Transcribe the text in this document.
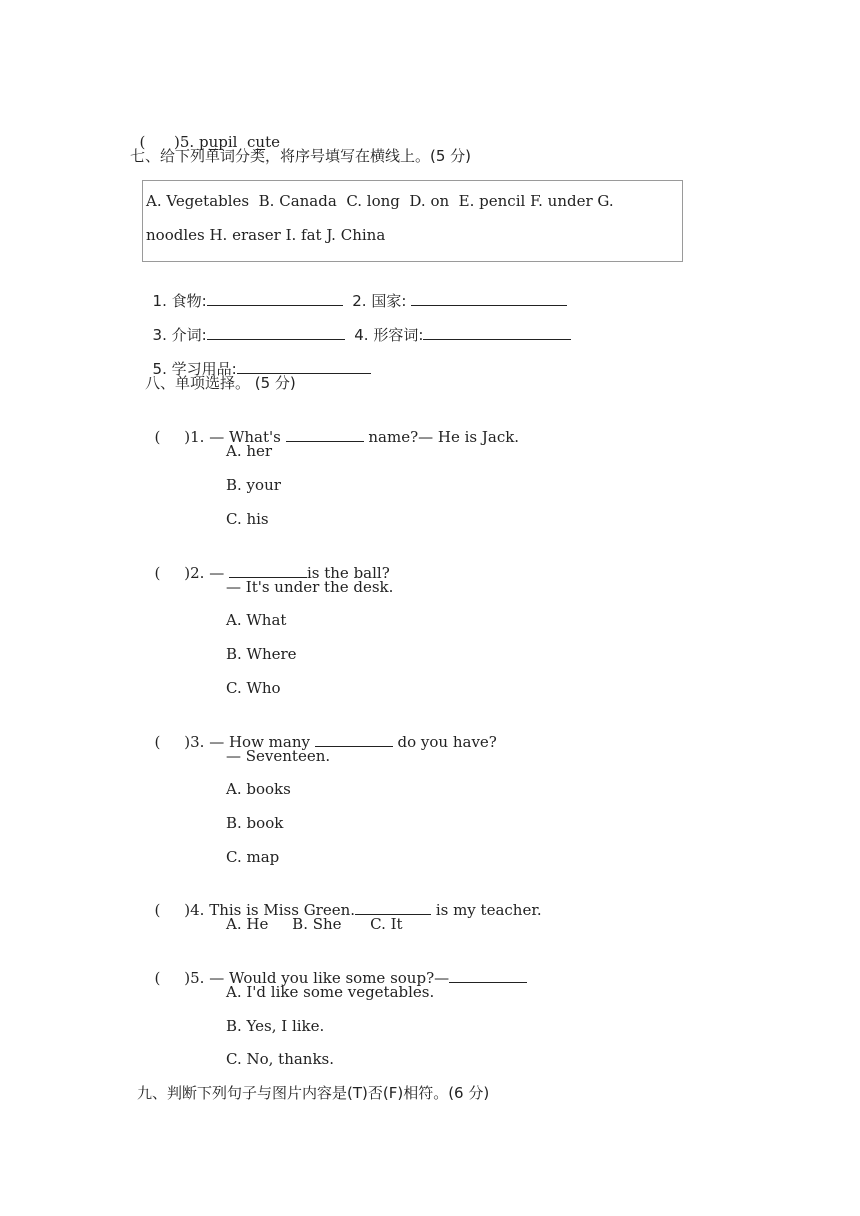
(      )5. pupil cute

七、给下列单词分类，将序号填写在横线上。(5 分)
A. Vegetables  B. Canada  C. long  D. on  E. pencil F. under G.
noodles H. eraser I. fat J. China

1. 食物:	2. 国家:

3. 介词:	4. 形容词:

5. 学习用品:

八、单项选择。 (5 分)

(     )1. — What's	name?— He is Jack.

A. her
B. your
C. his

(     )2. —	is the ball?

— It's under the desk.
A. What
B. Where
C. Who

(     )3. — How many	do you have?

— Seventeen.
A. books
B. book
C. map

(     )4. This is Miss Green.	is my teacher.

A. He     B. She      C. It

(     )5. — Would you like some soup?—

A. I'd like some vegetables.
B. Yes, I like.
C. No, thanks.
九、判断下列句子与图片内容是(T)否(F)相符。(6 分)
